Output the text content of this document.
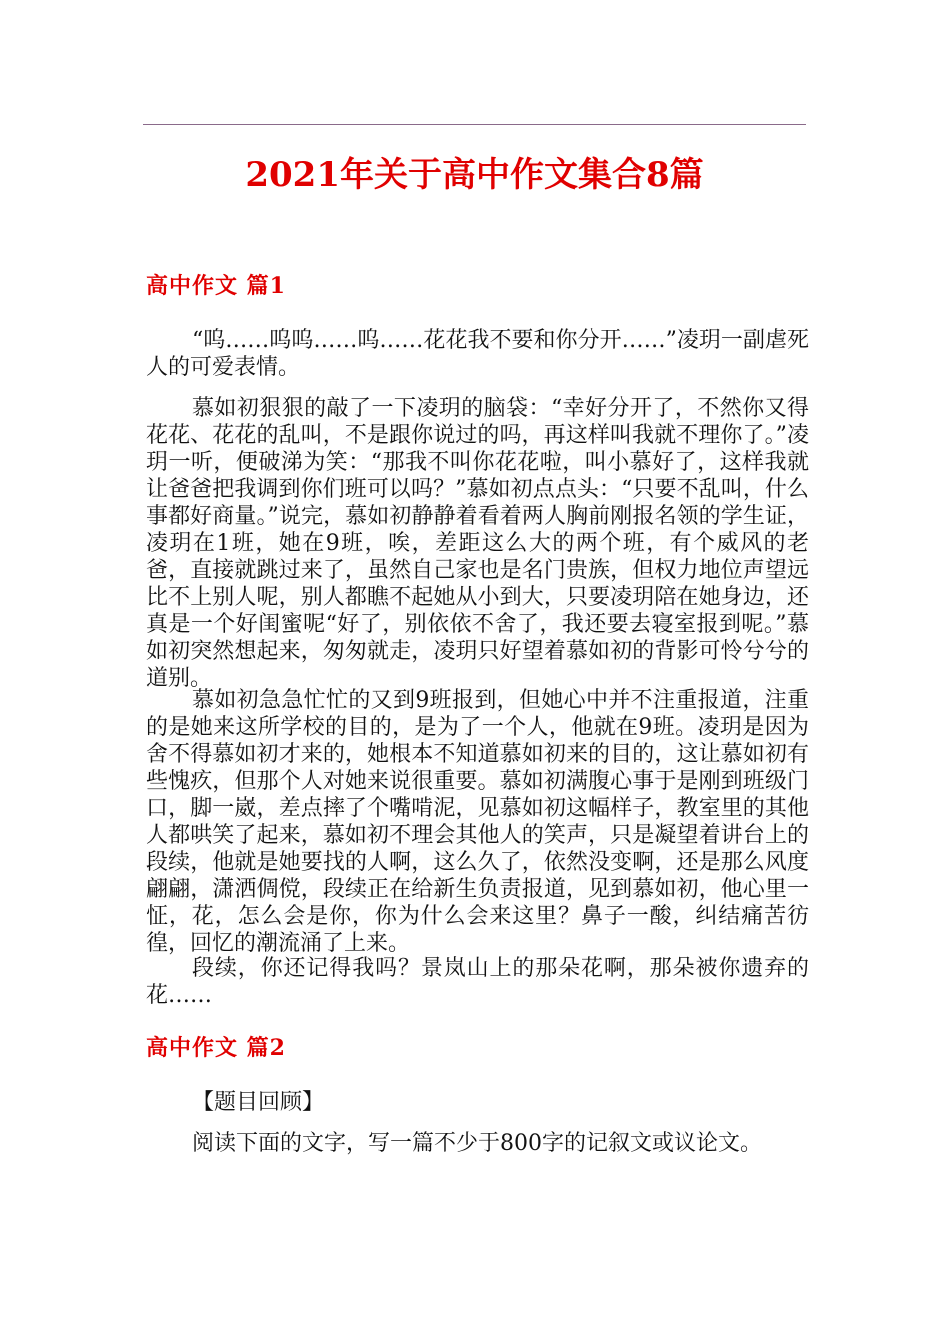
2021年关于高中作文集合8篇
高中作文 篇1

“呜……呜呜……呜……花花我不要和你分开……”凌玥一副虐死人的可爱表情。

慕如初狠狠的敲了一下凌玥的脑袋：“幸好分开了，不然你又得花花、花花的乱叫，不是跟你说过的吗，再这样叫我就不理你了。”凌玥一听，便破涕为笑：“那我不叫你花花啦，叫小慕好了，这样我就让爸爸把我调到你们班可以吗？”慕如初点点头：“只要不乱叫，什么事都好商量。”说完，慕如初静静着看着两人胸前刚报名领的学生证，凌玥在1班，她在9班，唉，差距这么大的两个班，有个威风的老爸，直接就跳过来了，虽然自己家也是名门贵族，但权力地位声望远比不上别人呢，别人都瞧不起她从小到大，只要凌玥陪在她身边，还真是一个好闺蜜呢“好了，别依依不舍了，我还要去寝室报到呢。”慕如初突然想起来，匆匆就走，凌玥只好望着慕如初的背影可怜兮兮的道别。

慕如初急急忙忙的又到9班报到，但她心中并不注重报道，注重的是她来这所学校的目的，是为了一个人，他就在9班。凌玥是因为舍不得慕如初才来的，她根本不知道慕如初来的目的，这让慕如初有些愧疚，但那个人对她来说很重要。慕如初满腹心事于是刚到班级门口，脚一崴，差点摔了个嘴啃泥，见慕如初这幅样子，教室里的其他人都哄笑了起来，慕如初不理会其他人的笑声，只是凝望着讲台上的段续，他就是她要找的人啊，这么久了，依然没变啊，还是那么风度翩翩，潇洒倜傥，段续正在给新生负责报道，见到慕如初，他心里一怔，花，怎么会是你，你为什么会来这里？鼻子一酸，纠结痛苦彷徨，回忆的潮流涌了上来。

段续，你还记得我吗？景岚山上的那朵花啊，那朵被你遗弃的花……

高中作文 篇2

【题目回顾】

阅读下面的文字，写一篇不少于800字的记叙文或议论文。
